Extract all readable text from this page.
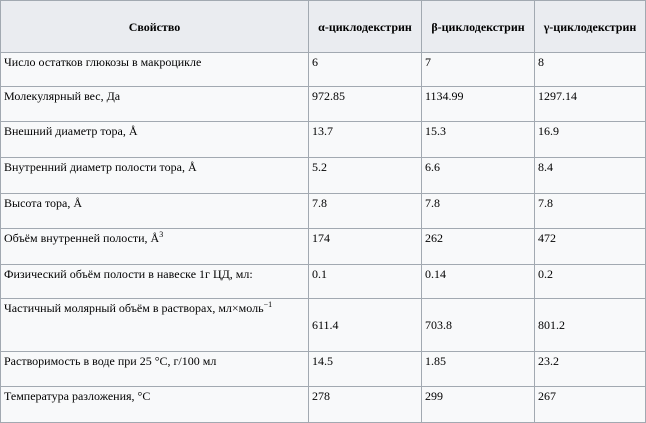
Свойство	α-циклодекстрин	β-циклодекстрин	γ-циклодекстрин
Число остатков глюкозы в макроцикле	6	7	8
Молекулярный вес, Да	972.85	1134.99	1297.14
Внешний диаметр тора, Å	13.7	15.3	16.9
Внутренний диаметр полости тора, Å	5.2	6.6	8.4
Высота тора, Å	7.8	7.8	7.8
Объём внутренней полости, $Å^3$	174	262	472
Физический объём полости в навеске 1г ЦД, мл:	0.1	0.14	0.2
Частичный молярный объём в растворах, мл×моль$^{-1}$	611.4	703.8	801.2
Растворимость в воде при 25 °C, г/100 мл	14.5	1.85	23.2
Температура разложения, °C	278	299	267
